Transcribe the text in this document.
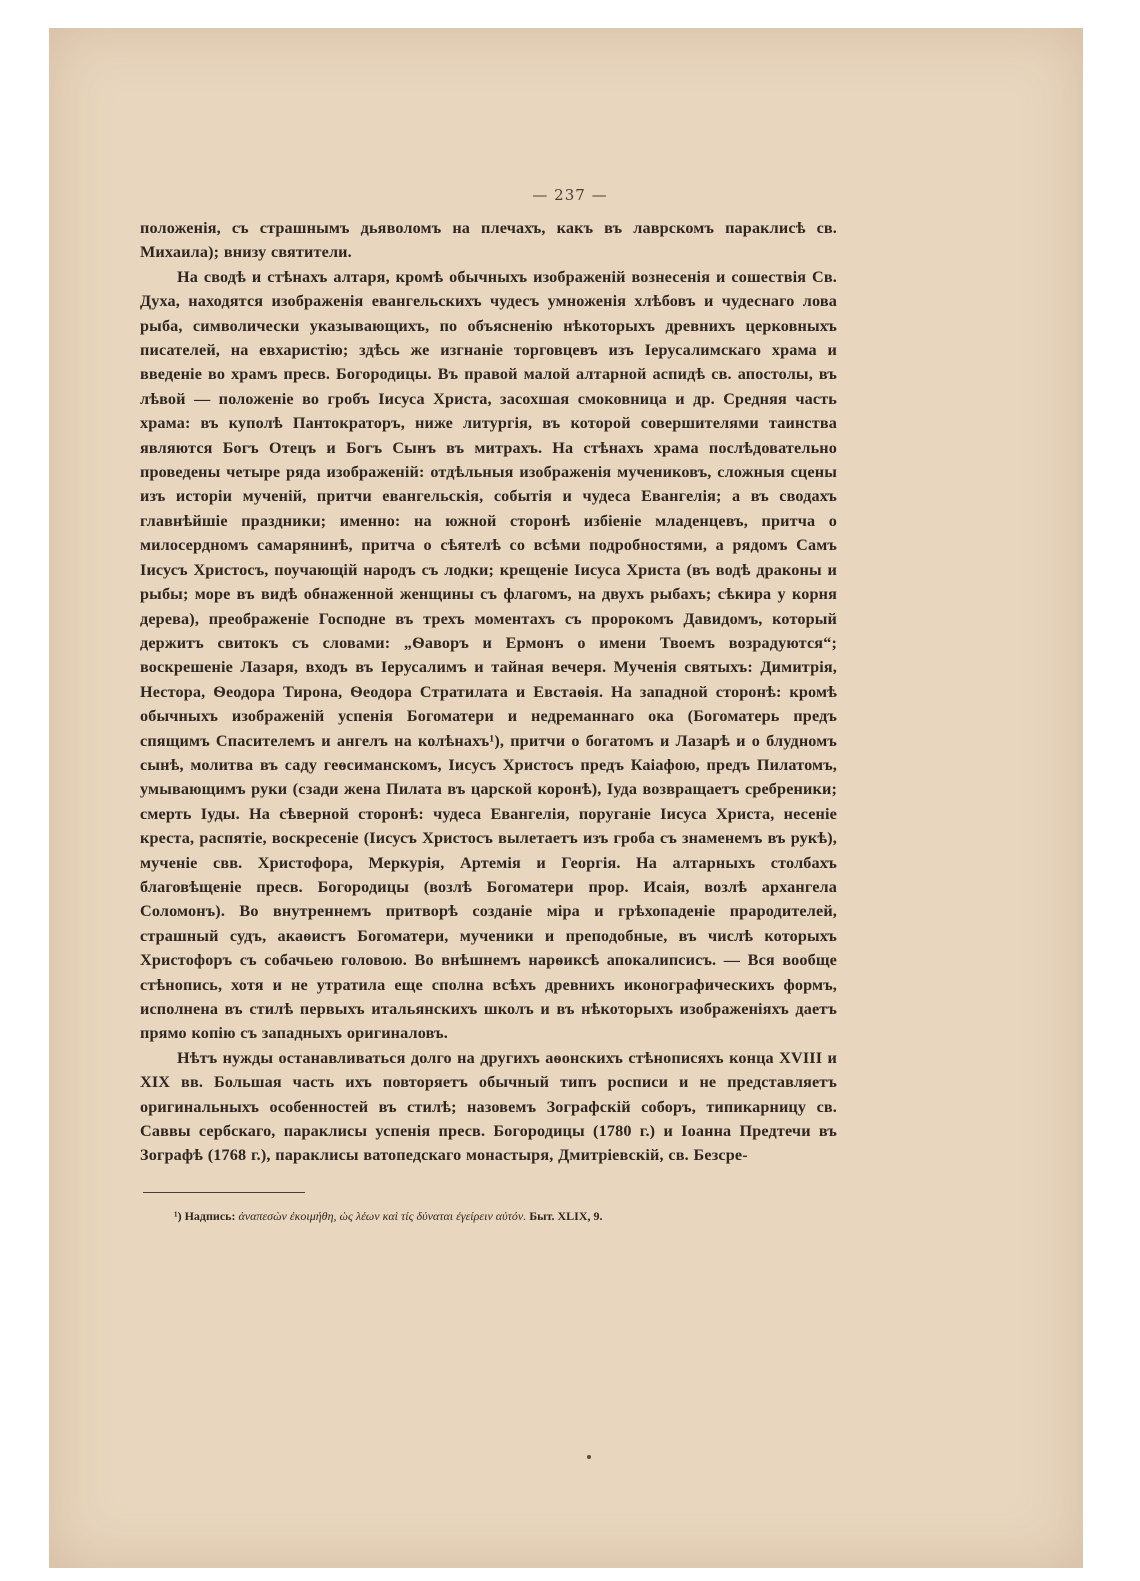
— 237 —

положенія, съ страшнымъ дьяволомъ на плечахъ, какъ въ лаврскомъ параклисѣ св. Михаила); внизу святители.

На сводѣ и стѣнахъ алтаря, кромѣ обычныхъ изображеній вознесенія и сошествія Св. Духа, находятся изображенія евангельскихъ чудесъ умноженія хлѣбовъ и чудеснаго лова рыба, символически указывающихъ, по объясненію нѣкоторыхъ древнихъ церковныхъ писателей, на евхаристію; здѣсь же изгнаніе торговцевъ изъ Іерусалимскаго храма и введеніе во храмъ пресв. Богородицы. Въ правой малой алтарной аспидѣ св. апостолы, въ лѣвой — положеніе во гробъ Іисуса Христа, засохшая смоковница и др. Средняя часть храма: въ куполѣ Пантократоръ, ниже литургія, въ которой совершителями таинства являются Богъ Отецъ и Богъ Сынъ въ митрахъ. На стѣнахъ храма послѣдовательно проведены четыре ряда изображеній: отдѣльныя изображенія мучениковъ, сложныя сцены изъ исторіи мученій, притчи евангельскія, событія и чудеса Евангелія; а въ сводахъ главнѣйшіе праздники; именно: на южной сторонѣ избіеніе младенцевъ, притча о милосердномъ самарянинѣ, притча о сѣятелѣ со всѣми подробностями, а рядомъ Самъ Іисусъ Христосъ, поучающій народъ съ лодки; крещеніе Іисуса Христа (въ водѣ драконы и рыбы; море въ видѣ обнаженной женщины съ флагомъ, на двухъ рыбахъ; сѣкира у корня дерева), преображеніе Господне въ трехъ моментахъ съ пророкомъ Давидомъ, который держитъ свитокъ съ словами: „Ѳаворъ и Ермонъ о имени Твоемъ возрадуются“; воскрешеніе Лазаря, входъ въ Іерусалимъ и тайная вечеря. Мученія святыхъ: Димитрія, Нестора, Ѳеодора Тирона, Ѳеодора Стратилата и Евстаѳія. На западной сторонѣ: кромѣ обычныхъ изображеній успенія Богоматери и недреманнаго ока (Богоматерь предъ спящимъ Спасителемъ и ангелъ на колѣнахъ¹), притчи о богатомъ и Лазарѣ и о блудномъ сынѣ, молитва въ саду геѳсиманскомъ, Іисусъ Христосъ предъ Каіафою, предъ Пилатомъ, умывающимъ руки (сзади жена Пилата въ царской коронѣ), Іуда возвращаетъ сребреники; смерть Іуды. На сѣверной сторонѣ: чудеса Евангелія, поруганіе Іисуса Христа, несеніе креста, распятіе, воскресеніе (Іисусъ Христосъ вылетаетъ изъ гроба съ знаменемъ въ рукѣ), мученіе свв. Христофора, Меркурія, Артемія и Георгія. На алтарныхъ столбахъ благовѣщеніе пресв. Богородицы (возлѣ Богоматери прор. Исаія, возлѣ архангела Соломонъ). Во внутреннемъ притворѣ созданіе міра и грѣхопаденіе прародителей, страшный судъ, акаѳистъ Богоматери, мученики и преподобные, въ числѣ которыхъ Христофоръ съ собачьею головою. Во внѣшнемъ нарѳиксѣ апокалипсисъ. — Вся вообще стѣнопись, хотя и не утратила еще сполна всѣхъ древнихъ иконографическихъ формъ, исполнена въ стилѣ первыхъ итальянскихъ школъ и въ нѣкоторыхъ изображеніяхъ даетъ прямо копію съ западныхъ оригиналовъ.

Нѣтъ нужды останавливаться долго на другихъ аѳонскихъ стѣнописяхъ конца XVIII и XIX вв. Большая часть ихъ повторяетъ обычный типъ росписи и не представляетъ оригинальныхъ особенностей въ стилѣ; назовемъ Зографскій соборъ, типикарницу св. Саввы сербскаго, параклисы успенія пресв. Богородицы (1780 г.) и Іоанна Предтечи въ Зографѣ (1768 г.), параклисы ватопедскаго монастыря, Дмитріевскій, св. Безсре-

¹) Надпись: ἀναπεσὼν ἐκοιμήθη, ὡς λέων καὶ τίς δύναται ἐγείρειν αὐτόν. Быт. XLIX, 9.
